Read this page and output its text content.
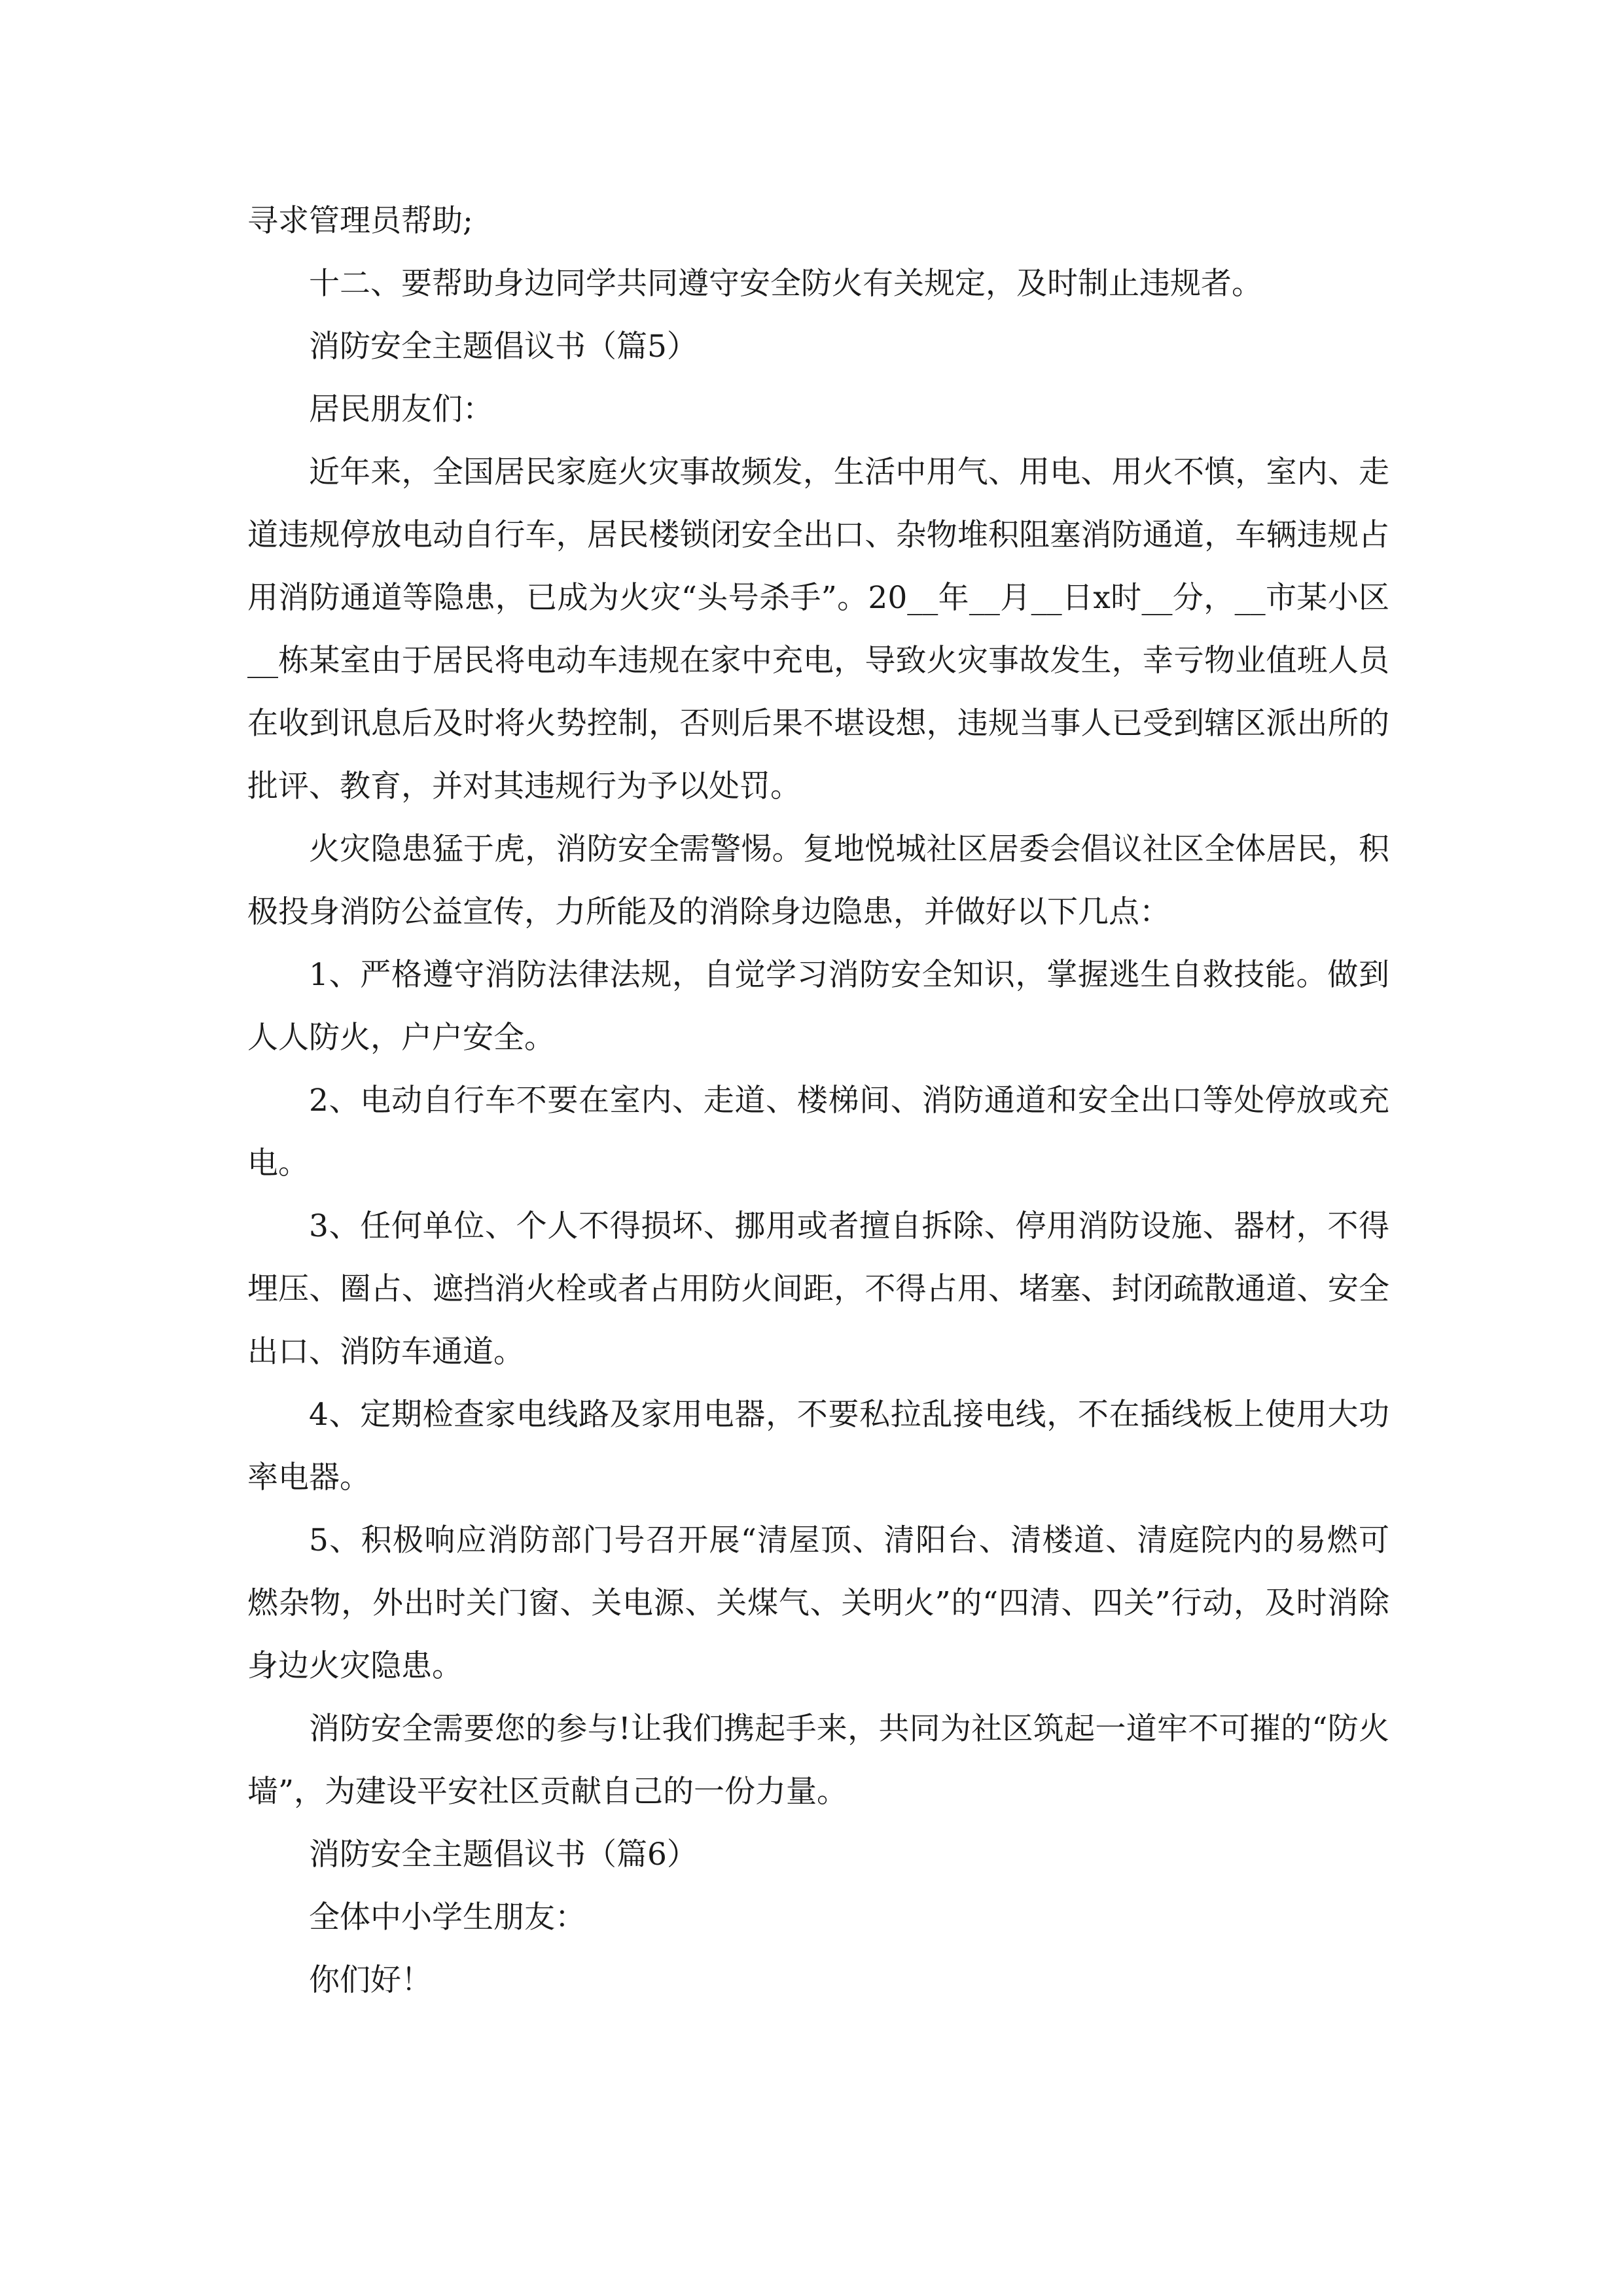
寻求管理员帮助;

十二、要帮助身边同学共同遵守安全防火有关规定，及时制止违规者。

消防安全主题倡议书（篇5）

居民朋友们：

近年来，全国居民家庭火灾事故频发，生活中用气、用电、用火不慎，室内、走道违规停放电动自行车，居民楼锁闭安全出口、杂物堆积阻塞消防通道，车辆违规占用消防通道等隐患，已成为火灾“头号杀手”。20__年__月__日x时__分，__市某小区__栋某室由于居民将电动车违规在家中充电，导致火灾事故发生，幸亏物业值班人员在收到讯息后及时将火势控制，否则后果不堪设想，违规当事人已受到辖区派出所的批评、教育，并对其违规行为予以处罚。

火灾隐患猛于虎，消防安全需警惕。复地悦城社区居委会倡议社区全体居民，积极投身消防公益宣传，力所能及的消除身边隐患，并做好以下几点：

1、严格遵守消防法律法规，自觉学习消防安全知识，掌握逃生自救技能。做到人人防火，户户安全。

2、电动自行车不要在室内、走道、楼梯间、消防通道和安全出口等处停放或充电。

3、任何单位、个人不得损坏、挪用或者擅自拆除、停用消防设施、器材，不得埋压、圈占、遮挡消火栓或者占用防火间距，不得占用、堵塞、封闭疏散通道、安全出口、消防车通道。

4、定期检查家电线路及家用电器，不要私拉乱接电线，不在插线板上使用大功率电器。

5、积极响应消防部门号召开展“清屋顶、清阳台、清楼道、清庭院内的易燃可燃杂物，外出时关门窗、关电源、关煤气、关明火”的“四清、四关”行动，及时消除身边火灾隐患。

消防安全需要您的参与!让我们携起手来，共同为社区筑起一道牢不可摧的“防火墙”，为建设平安社区贡献自己的一份力量。

消防安全主题倡议书（篇6）

全体中小学生朋友：

你们好！
